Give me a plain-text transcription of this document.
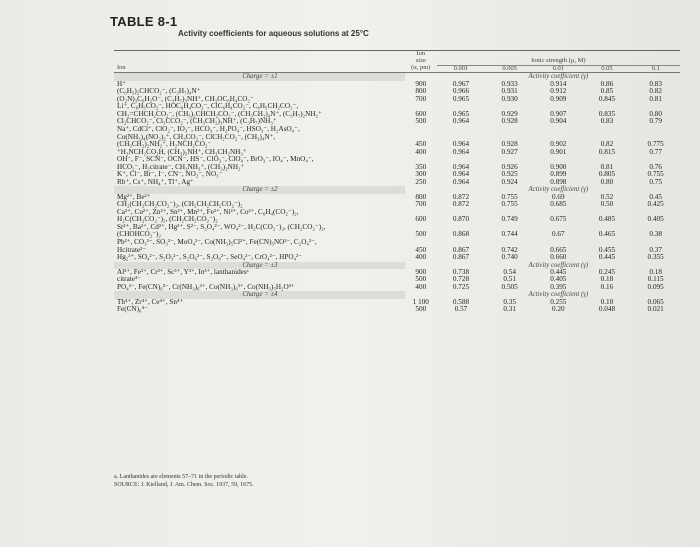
TABLE 8-1
Activity coefficients for aqueous solutions at 25°C
	Ion					
	size	Ionic strength (μ, M)				
Ion	(α, pm)	0.001	0.005	0.01	0.05	0.1
Charge = ±1		Activity coefficient (γ)				
H⁺	900	0.967	0.933	0.914	0.86	0.83
(C₆H₅)₂CHCO₂⁻, (C₃H₇)₄N⁺	800	0.966	0.931	0.912	0.85	0.82
(O₂N)₃C₆H₂O⁻, (C₃H₇)₃NH⁺, CH₃OC₆H₄CO₂⁻	700	0.965	0.930	0.909	0.845	0.81
Li⁺, C₆H₅CO₂⁻, HOC₆H₄CO₂⁻, ClC₆H₄CO₂⁻, C₆H₅CH₂CO₂⁻,						
CH₂=CHCH₂CO₂⁻, (CH₃)₂CHCH₂CO₂⁻, (CH₃CH₂)₄N⁺, (C₃H₇)₂NH₂⁺	600	0.965	0.929	0.907	0.835	0.80
Cl₂CHCO₂⁻, Cl₃CCO₂⁻, (CH₃CH₂)₃NH⁺, (C₃H₇)NH₃⁺	500	0.964	0.928	0.904	0.83	0.79
Na⁺, CdCl⁺, ClO₂⁻, IO₃⁻, HCO₃⁻, H₂PO₄⁻, HSO₃⁻, H₂AsO₄⁻,						
Co(NH₃)₄(NO₂)₂⁺, CH₃CO₂⁻, ClCH₂CO₂⁻, (CH₃)₄N⁺,						
(CH₃CH₂)₂NH₂⁺, H₂NCH₂CO₂⁻	450	0.964	0.928	0.902	0.82	0.775
⁺H₃NCH₂CO₂H, (CH₃)₃NH⁺, CH₃CH₂NH₃⁺	400	0.964	0.927	0.901	0.815	0.77
OH⁻, F⁻, SCN⁻, OCN⁻, HS⁻, ClO₃⁻, ClO₄⁻, BrO₃⁻, IO₄⁻, MnO₄⁻,						
HCO₂⁻, H₂citrate⁻, CH₃NH₃⁺, (CH₃)₂NH₂⁺	350	0.964	0.926	0.900	0.81	0.76
K⁺, Cl⁻, Br⁻, I⁻, CN⁻, NO₂⁻, NO₃⁻	300	0.964	0.925	0.899	0.805	0.755
Rb⁺, Cs⁺, NH₄⁺, Tl⁺, Ag⁺	250	0.964	0.924	0.898	0.80	0.75
Charge = ±2		Activity coefficient (γ)				
Mg²⁺, Be²⁺	800	0.872	0.755	0.69	0.52	0.45
CH₂(CH₂CH₂CO₂⁻)₂, (CH₂CH₂CH₂CO₂⁻)₂	700	0.872	0.755	0.685	0.50	0.425
Ca²⁺, Cu²⁺, Zn²⁺, Sn²⁺, Mn²⁺, Fe²⁺, Ni²⁺, Co²⁺, C₆H₄(CO₂⁻)₂,						
H₂C(CH₂CO₂⁻)₂, (CH₂CH₂CO₂⁻)₂	600	0.870	0.749	0.675	0.485	0.405
Sr²⁺, Ba²⁺, Cd²⁺, Hg²⁺, S²⁻, S₂O₄²⁻, WO₄²⁻, H₂C(CO₂⁻)₂, (CH₂CO₂⁻)₂,						
(CHOHCO₂⁻)₂	500	0.868	0.744	0.67	0.465	0.38
Pb²⁺, CO₃²⁻, SO₃²⁻, MoO₄²⁻, Co(NH₃)₅Cl²⁺, Fe(CN)₅NO²⁻, C₂O₄²⁻,						
Hcitrate²⁻	450	0.867	0.742	0.665	0.455	0.37
Hg₂²⁺, SO₄²⁻, S₂O₃²⁻, S₂O₆²⁻, S₂O₈²⁻, SeO₄²⁻, CrO₄²⁻, HPO₄²⁻	400	0.867	0.740	0.660	0.445	0.355
Charge = ±3		Activity coefficient (γ)				
Al³⁺, Fe³⁺, Cr³⁺, Sc³⁺, Y³⁺, In³⁺, lanthanidesᵃ	900	0.738	0.54	0.445	0.245	0.18
citrate³⁻	500	0.728	0.51	0.405	0.18	0.115
PO₄³⁻, Fe(CN)₆³⁻, Cr(NH₃)₆³⁺, Co(NH₃)₆³⁺, Co(NH₃)₅H₂O³⁺	400	0.725	0.505	0.395	0.16	0.095
Charge = ±4		Activity coefficient (γ)				
Th⁴⁺, Zr⁴⁺, Ce⁴⁺, Sn⁴⁺	1 100	0.588	0.35	0.255	0.10	0.065
Fe(CN)₆⁴⁻	500	0.57	0.31	0.20	0.048	0.021
a. Lanthanides are elements 57–71 in the periodic table.
SOURCE: J. Kielland, J. Am. Chem. Soc. 1937, 59, 1675.
